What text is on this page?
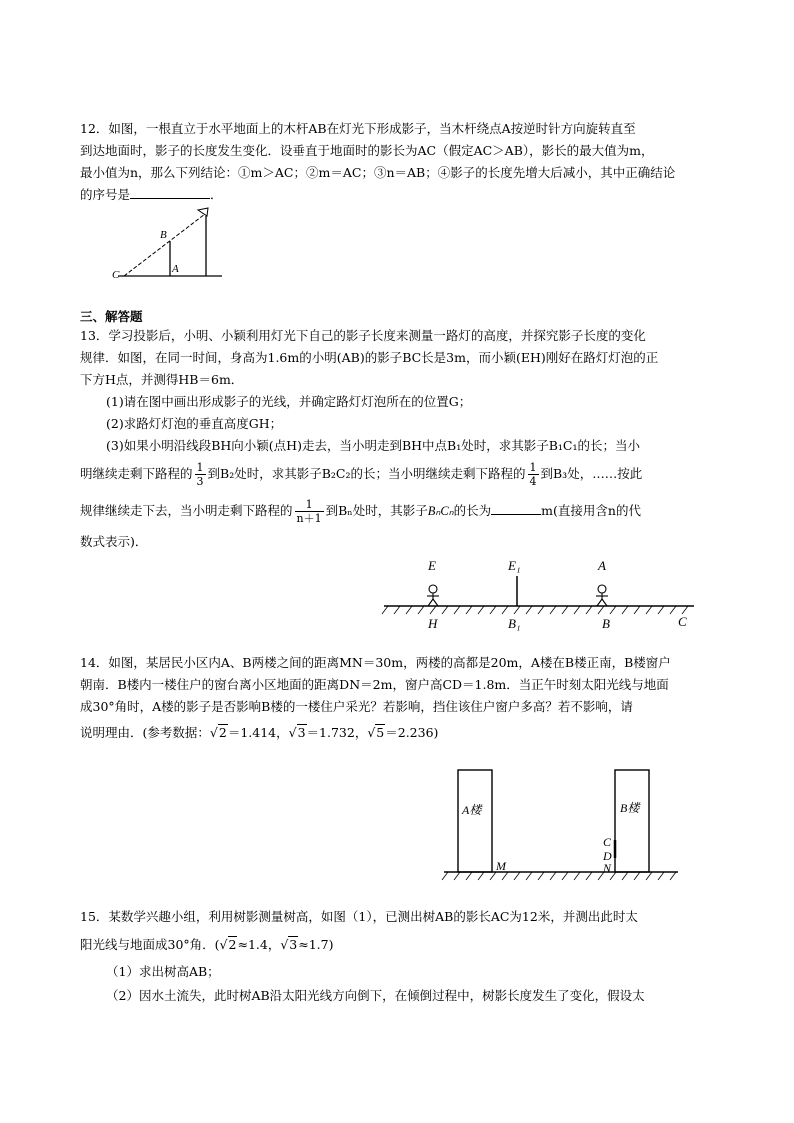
12．如图，一根直立于水平地面上的木杆AB在灯光下形成影子，当木杆绕点A按逆时针方向旋转直至
到达地面时，影子的长度发生变化．设垂直于地面时的影长为AC（假定AC＞AB），影长的最大值为m，
最小值为n，那么下列结论：①m＞AC；②m＝AC；③n＝AB；④影子的长度先增大后减小，其中正确结论
的序号是	．
B
C	A
三、解答题
13．学习投影后，小明、小颖利用灯光下自己的影子长度来测量一路灯的高度，并探究影子长度的变化
规律．如图，在同一时间，身高为1.6m的小明(AB)的影子BC长是3m，而小颖(EH)刚好在路灯灯泡的正
下方H点，并测得HB＝6m．
(1)请在图中画出形成影子的光线，并确定路灯灯泡所在的位置G；
(2)求路灯灯泡的垂直高度GH；
(3)如果小明沿线段BH向小颖(点H)走去，当小明走到BH中点B₁处时，求其影子B₁C₁的长；当小
明继续走剩下路程的 $\frac{1}{3}$ 到B₂处时，求其影子B₂C₂的长；当小明继续走剩下路程的 $\frac{1}{4}$ 到B₃处，……按此
规律继续走下去，当小明走剩下路程的 $\frac{1}{n+1}$ 到Bₙ处时，其影子BₙCₙ的长为	m(直接用含n的代
数式表示)．
E	E₁	A
H	B₁	B	C
14．如图，某居民小区内A、B两楼之间的距离MN＝30m，两楼的高都是20m，A楼在B楼正南，B楼窗户
朝南．B楼内一楼住户的窗台离小区地面的距离DN＝2m，窗户高CD＝1.8m．当正午时刻太阳光线与地面
成30°角时，A楼的影子是否影响B楼的一楼住户采光？若影响，挡住该住户窗户多高？若不影响，请
说明理由．(参考数据：√2＝1.414，√3＝1.732，√5＝2.236)
A楼	B楼
M
C
D
N
15．某数学兴趣小组，利用树影测量树高，如图（1），已测出树AB的影长AC为12米，并测出此时太
阳光线与地面成30°角．(√2≈1.4，√3≈1.7)
（1）求出树高AB；
（2）因水土流失，此时树AB沿太阳光线方向倒下，在倾倒过程中，树影长度发生了变化，假设太
